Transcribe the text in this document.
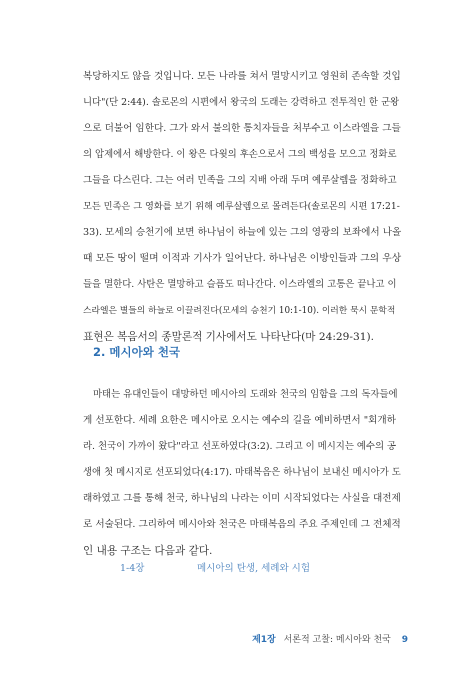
복당하지도 않을 것입니다. 모든 나라를 쳐서 멸망시키고 영원히 존속할 것입
니다"(단 2:44). 솔로몬의 시편에서 왕국의 도래는 강력하고 전투적인 한 군왕
으로 더불어 임한다. 그가 와서 불의한 통치자들을 처부수고 이스라엘을 그들
의 압제에서 해방한다. 이 왕은 다윗의 후손으로서 그의 백성을 모으고 정화로
그들을 다스린다. 그는 여러 민족을 그의 지배 아래 두며 예루살렘을 정화하고
모든 민족은 그 영화를 보기 위해 예루살렘으로 몰려든다(솔로몬의 시편 17:21-
33). 모세의 승천기에 보면 하나님이 하늘에 있는 그의 영광의 보좌에서 나올
때 모든 땅이 떨며 이적과 기사가 일어난다. 하나님은 이방인들과 그의 우상
들을 멸한다. 사탄은 멸망하고 슬픔도 떠나간다. 이스라엘의 고통은 끝나고 이
스라엘은 별들의 하늘로 이끌려진다(모세의 승천기 10:1-10). 이러한 묵시 문학적
표현은 복음서의 종말론적 기사에서도 나타난다(마 24:29-31).
2. 메시아와 천국
마태는 유대인들이 대망하던 메시아의 도래와 천국의 임함을 그의 독자들에
게 선포한다. 세례 요한은 메시아로 오시는 예수의 길을 예비하면서 "회개하
라. 천국이 가까이 왔다"라고 선포하였다(3:2). 그리고 이 메시지는 예수의 공
생애 첫 메시지로 선포되었다(4:17). 마태복음은 하나님이 보내신 메시아가 도
래하였고 그를 통해 천국, 하나님의 나라는 이미 시작되었다는 사실을 대전제
로 서술된다. 그리하여 메시아와 천국은 마태복음의 주요 주제인데 그 전체적
인 내용 구조는 다음과 같다.
1-4장	메시아의 탄생, 세례와 시험
제1장 서론적 고찰: 메시아와 천국 9
